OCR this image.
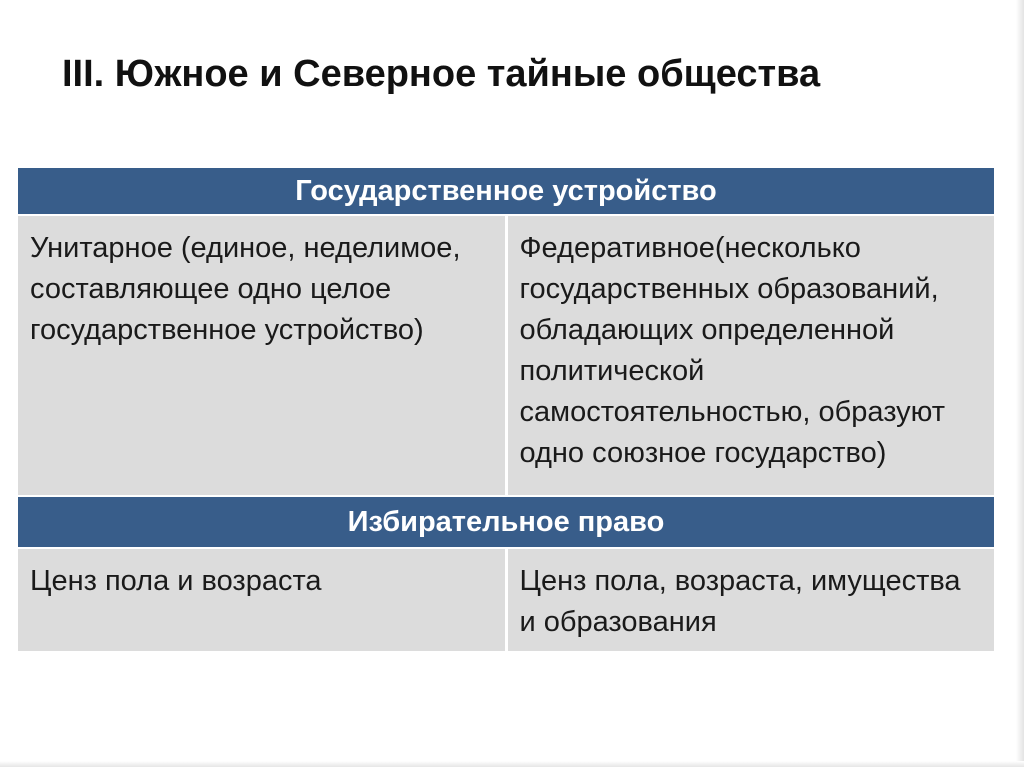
III. Южное и Северное тайные общества
Государственное устройство	
Унитарное (единое, неделимое, составляющее одно целое государственное устройство)	Федеративное(несколько государственных образований, обладающих определенной политической самостоятельностью, образуют одно союзное государство)
Избирательное право	
Ценз пола и возраста	Ценз пола, возраста, имущества и образования
